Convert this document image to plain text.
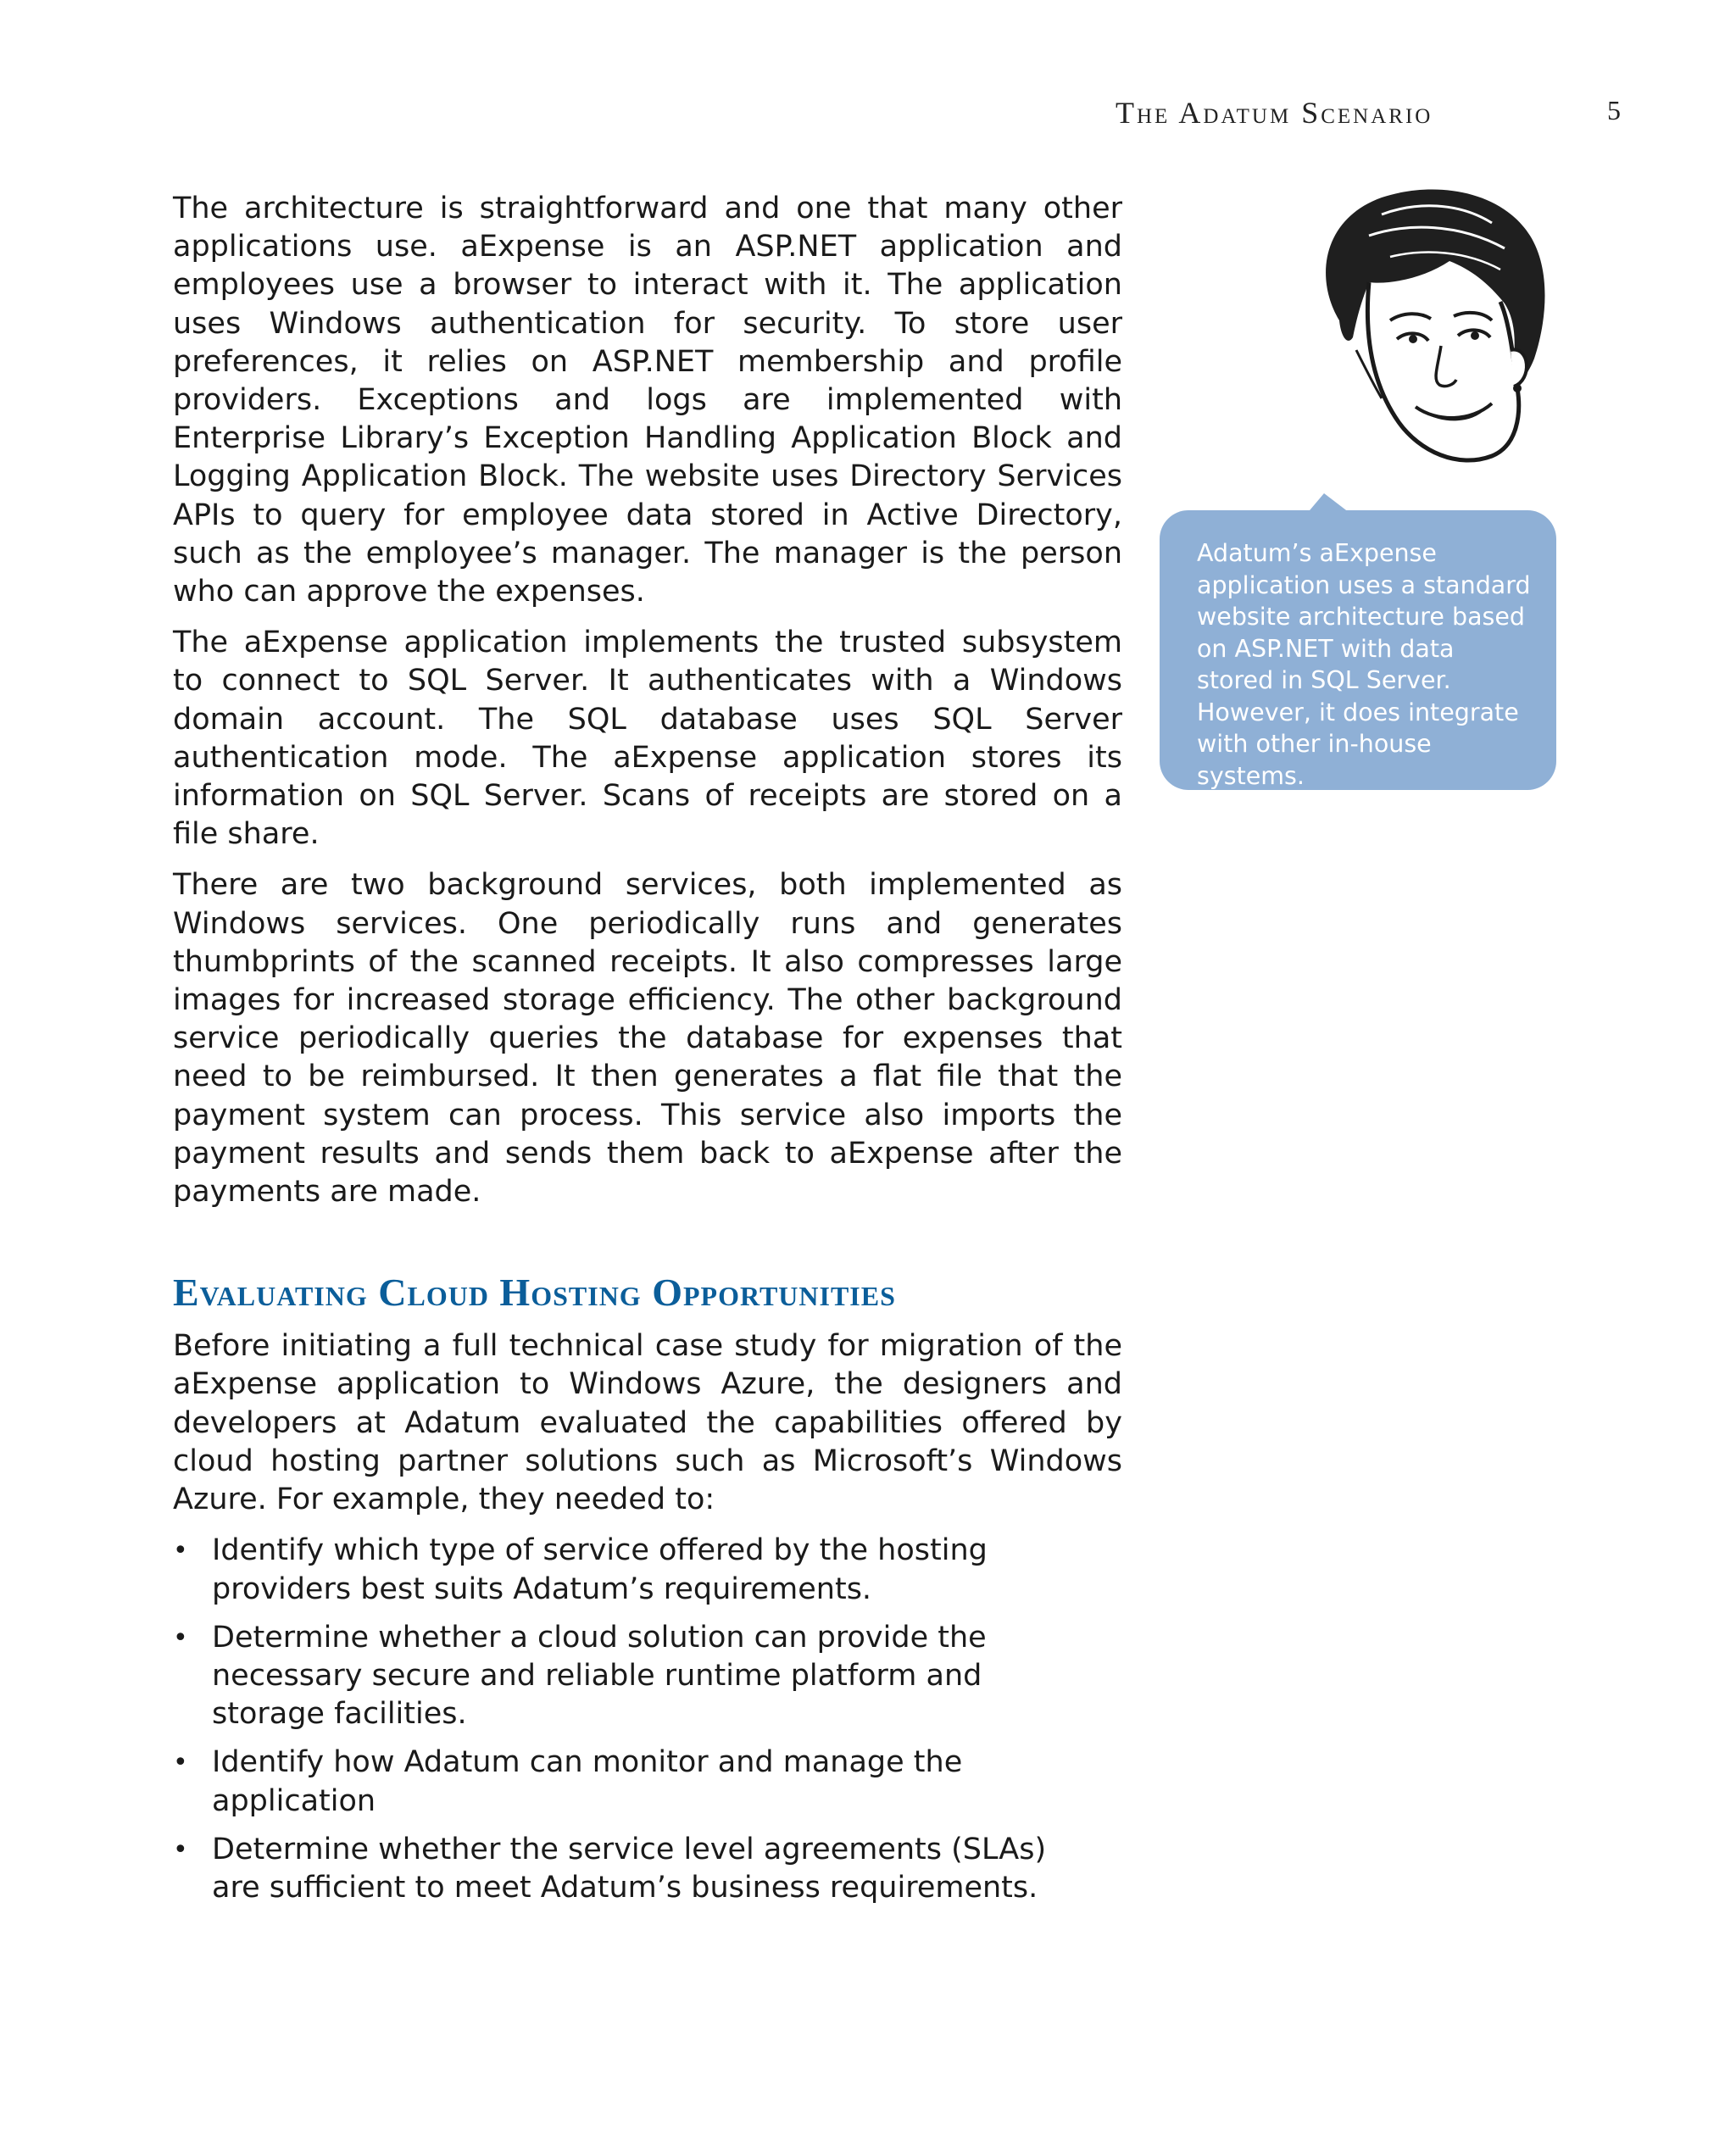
The Adatum Scenario	5

The architecture is straightforward and one that many other applications use. aExpense is an ASP.NET application and employees use a browser to interact with it. The application uses Windows authentication for security. To store user preferences, it relies on ASP.NET membership and profile providers. Exceptions and logs are implemented with Enterprise Library’s Exception Handling Application Block and Logging Application Block. The website uses Directory Services APIs to query for employee data stored in Active Directory, such as the employee’s manager. The manager is the person who can approve the expenses.

The aExpense application implements the trusted subsystem to connect to SQL Server. It authenticates with a Windows domain account. The SQL database uses SQL Server authentication mode. The aExpense application stores its information on SQL Server. Scans of receipts are stored on a file share.

There are two background services, both implemented as Windows services. One periodically runs and generates thumbprints of the scanned receipts. It also compresses large images for increased storage efficiency. The other background service periodically queries the database for expenses that need to be reimbursed. It then generates a flat file that the payment system can process. This service also imports the payment results and sends them back to aExpense after the payments are made.

Evaluating Cloud Hosting Opportunities

Before initiating a full technical case study for migration of the aExpense application to Windows Azure, the designers and developers at Adatum evaluated the capabilities offered by cloud hosting partner solutions such as Microsoft’s Windows Azure. For example, they needed to:

• Identify which type of service offered by the hosting providers best suits Adatum’s requirements.
• Determine whether a cloud solution can provide the necessary secure and reliable runtime platform and storage facilities.
• Identify how Adatum can monitor and manage the application
• Determine whether the service level agreements (SLAs) are sufficient to meet Adatum’s business requirements.
Adatum’s aExpense application uses a standard website architecture based on ASP.NET with data stored in SQL Server. However, it does integrate with other in-house systems.
